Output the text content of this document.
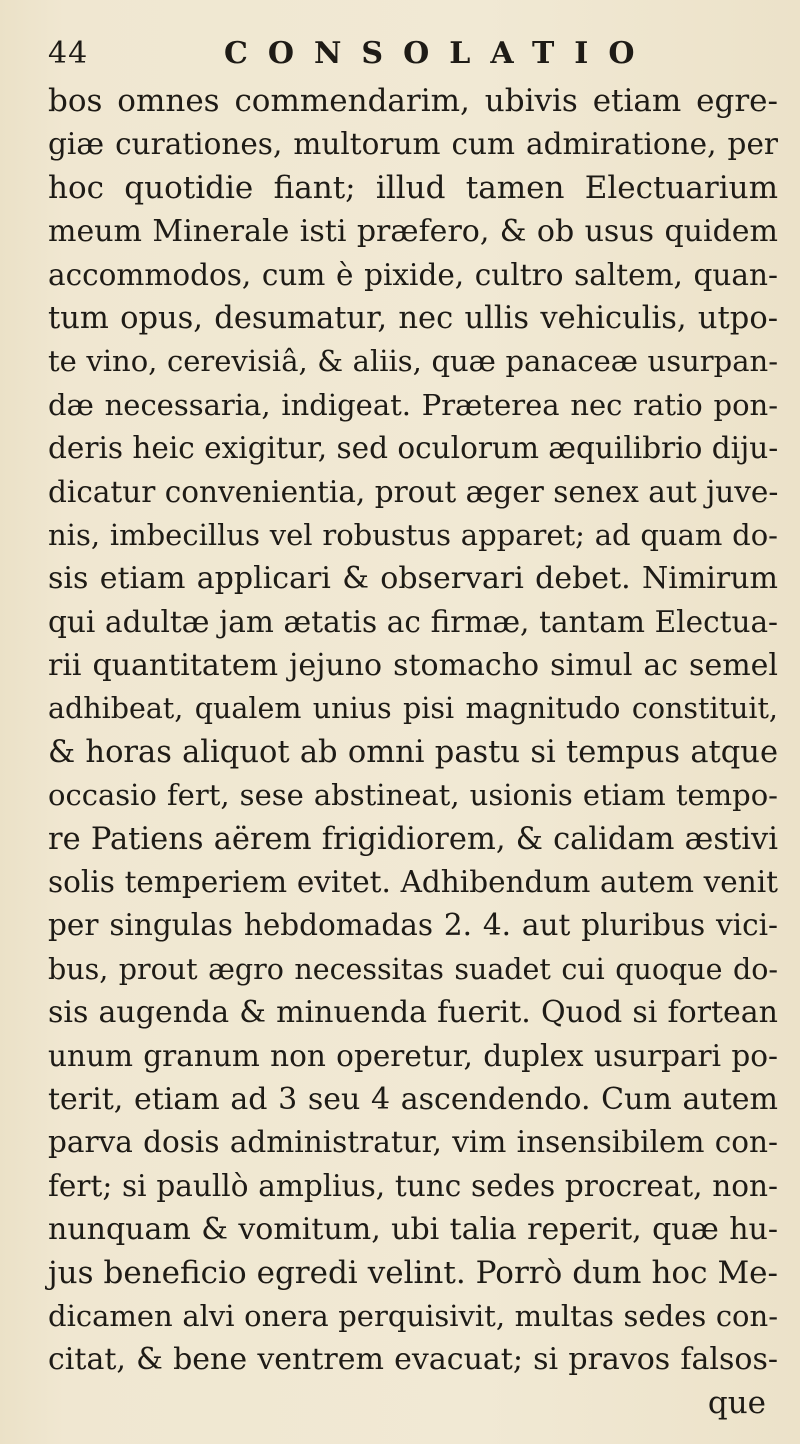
44	CONSOLATIO
bos omnes commendarim, ubivis etiam egre-
giæ curationes, multorum cum admiratione, per
hoc quotidie fiant; illud tamen Electuarium
meum Minerale isti præfero, & ob usus quidem
accommodos, cum è pixide, cultro saltem, quan-
tum opus, desumatur, nec ullis vehiculis, utpo-
te vino, cerevisiâ, & aliis, quæ panaceæ usurpan-
dæ necessaria, indigeat. Præterea nec ratio pon-
deris heic exigitur, sed oculorum æquilibrio diju-
dicatur convenientia, prout æger senex aut juve-
nis, imbecillus vel robustus apparet; ad quam do-
sis etiam applicari & observari debet. Nimirum
qui adultæ jam ætatis ac firmæ, tantam Electua-
rii quantitatem jejuno stomacho simul ac semel
adhibeat, qualem unius pisi magnitudo constituit,
& horas aliquot ab omni pastu si tempus atque
occasio fert, sese abstineat, usionis etiam tempo-
re Patiens aërem frigidiorem, & calidam æstivi
solis temperiem evitet. Adhibendum autem venit
per singulas hebdomadas 2. 4. aut pluribus vici-
bus, prout ægro necessitas suadet cui quoque do-
sis augenda & minuenda fuerit. Quod si fortean
unum granum non operetur, duplex usurpari po-
terit, etiam ad 3 seu 4 ascendendo. Cum autem
parva dosis administratur, vim insensibilem con-
fert; si paullò amplius, tunc sedes procreat, non-
nunquam & vomitum, ubi talia reperit, quæ hu-
jus beneficio egredi velint. Porrò dum hoc Me-
dicamen alvi onera perquisivit, multas sedes con-
citat, & bene ventrem evacuat; si pravos falsos-
que
